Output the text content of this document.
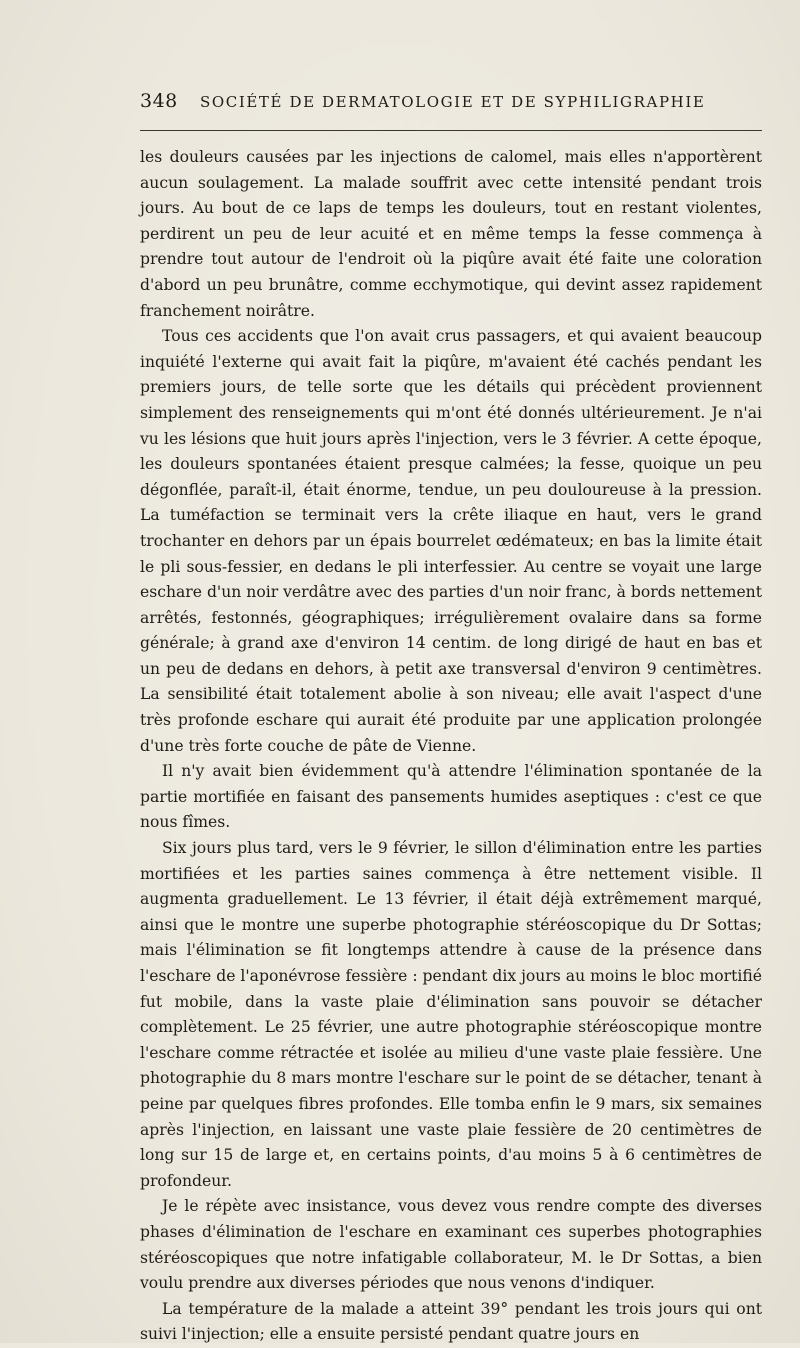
348 SOCIÉTÉ DE DERMATOLOGIE ET DE SYPHILIGRAPHIE

les douleurs causées par les injections de calomel, mais elles n'apportèrent aucun soulagement. La malade souffrit avec cette intensité pendant trois jours. Au bout de ce laps de temps les douleurs, tout en restant violentes, perdirent un peu de leur acuité et en même temps la fesse commença à prendre tout autour de l'endroit où la piqûre avait été faite une coloration d'abord un peu brunâtre, comme ecchymotique, qui devint assez rapidement franchement noirâtre.

Tous ces accidents que l'on avait crus passagers, et qui avaient beaucoup inquiété l'externe qui avait fait la piqûre, m'avaient été cachés pendant les premiers jours, de telle sorte que les détails qui précèdent proviennent simplement des renseignements qui m'ont été donnés ultérieurement. Je n'ai vu les lésions que huit jours après l'injection, vers le 3 février. A cette époque, les douleurs spontanées étaient presque calmées; la fesse, quoique un peu dégonflée, paraît-il, était énorme, tendue, un peu douloureuse à la pression. La tuméfaction se terminait vers la crête iliaque en haut, vers le grand trochanter en dehors par un épais bourrelet œdémateux; en bas la limite était le pli sous-fessier, en dedans le pli interfessier. Au centre se voyait une large eschare d'un noir verdâtre avec des parties d'un noir franc, à bords nettement arrêtés, festonnés, géographiques; irrégulièrement ovalaire dans sa forme générale; à grand axe d'environ 14 centim. de long dirigé de haut en bas et un peu de dedans en dehors, à petit axe transversal d'environ 9 centimètres. La sensibilité était totalement abolie à son niveau; elle avait l'aspect d'une très profonde eschare qui aurait été produite par une application prolongée d'une très forte couche de pâte de Vienne.

Il n'y avait bien évidemment qu'à attendre l'élimination spontanée de la partie mortifiée en faisant des pansements humides aseptiques : c'est ce que nous fîmes.

Six jours plus tard, vers le 9 février, le sillon d'élimination entre les parties mortifiées et les parties saines commença à être nettement visible. Il augmenta graduellement. Le 13 février, il était déjà extrêmement marqué, ainsi que le montre une superbe photographie stéréoscopique du Dr Sottas; mais l'élimination se fit longtemps attendre à cause de la présence dans l'eschare de l'aponévrose fessière : pendant dix jours au moins le bloc mortifié fut mobile, dans la vaste plaie d'élimination sans pouvoir se détacher complètement. Le 25 février, une autre photographie stéréoscopique montre l'eschare comme rétractée et isolée au milieu d'une vaste plaie fessière. Une photographie du 8 mars montre l'eschare sur le point de se détacher, tenant à peine par quelques fibres profondes. Elle tomba enfin le 9 mars, six semaines après l'injection, en laissant une vaste plaie fessière de 20 centimètres de long sur 15 de large et, en certains points, d'au moins 5 à 6 centimètres de profondeur.

Je le répète avec insistance, vous devez vous rendre compte des diverses phases d'élimination de l'eschare en examinant ces superbes photographies stéréoscopiques que notre infatigable collaborateur, M. le Dr Sottas, a bien voulu prendre aux diverses périodes que nous venons d'indiquer.

La température de la malade a atteint 39° pendant les trois jours qui ont suivi l'injection; elle a ensuite persisté pendant quatre jours en
